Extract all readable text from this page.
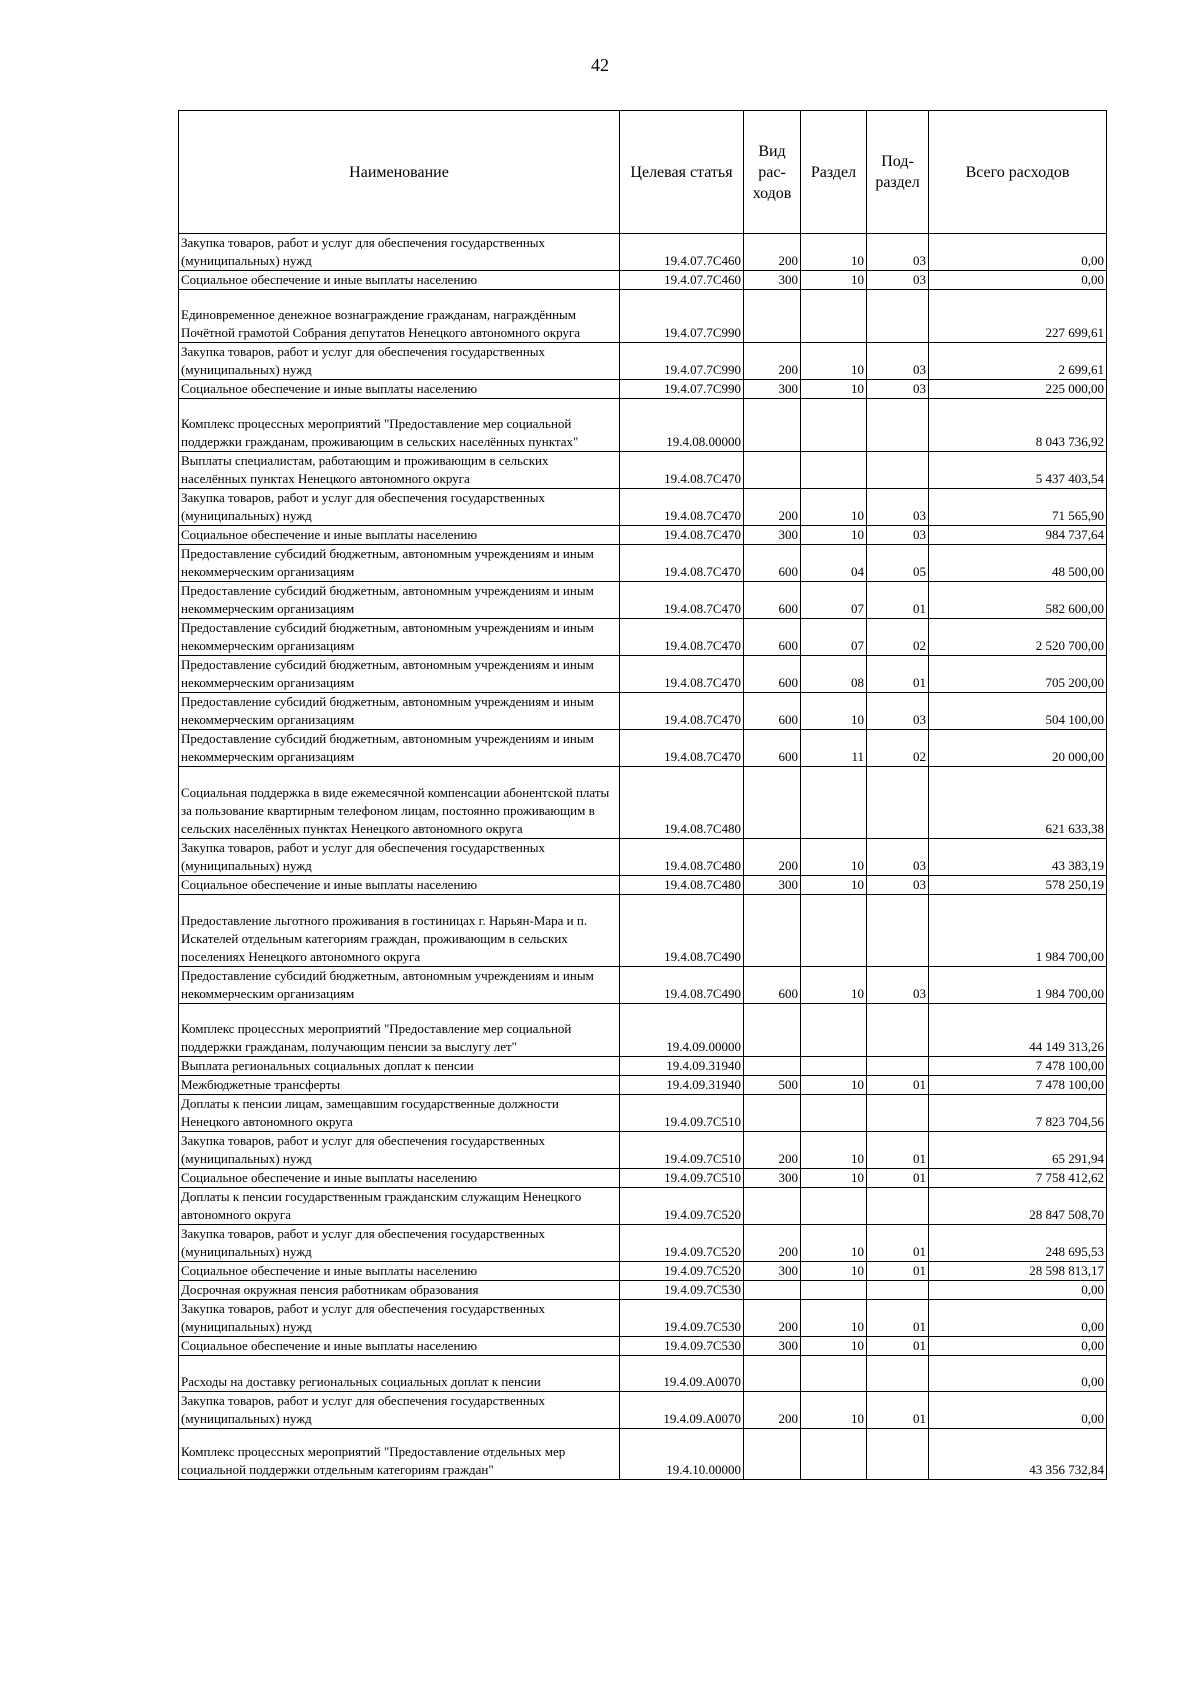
42
Наименование	Целевая статья	Вид рас- ходов	Раздел	Под- раздел	Всего расходов
Закупка товаров, работ и услуг для обеспечения государственных (муниципальных) нужд	19.4.07.7С460	200	10	03	0,00
Социальное обеспечение и иные выплаты населению	19.4.07.7С460	300	10	03	0,00
Единовременное денежное вознаграждение гражданам, награждённым Почётной грамотой Собрания депутатов Ненецкого автономного округа	19.4.07.7С990				227 699,61
Закупка товаров, работ и услуг для обеспечения государственных (муниципальных) нужд	19.4.07.7С990	200	10	03	2 699,61
Социальное обеспечение и иные выплаты населению	19.4.07.7С990	300	10	03	225 000,00
Комплекс процессных мероприятий "Предоставление мер социальной поддержки гражданам, проживающим в сельских населённых пунктах"	19.4.08.00000				8 043 736,92
Выплаты специалистам, работающим и проживающим в сельских населённых пунктах Ненецкого автономного округа	19.4.08.7С470				5 437 403,54
Закупка товаров, работ и услуг для обеспечения государственных (муниципальных) нужд	19.4.08.7С470	200	10	03	71 565,90
Социальное обеспечение и иные выплаты населению	19.4.08.7С470	300	10	03	984 737,64
Предоставление субсидий бюджетным, автономным учреждениям и иным некоммерческим организациям	19.4.08.7С470	600	04	05	48 500,00
Предоставление субсидий бюджетным, автономным учреждениям и иным некоммерческим организациям	19.4.08.7С470	600	07	01	582 600,00
Предоставление субсидий бюджетным, автономным учреждениям и иным некоммерческим организациям	19.4.08.7С470	600	07	02	2 520 700,00
Предоставление субсидий бюджетным, автономным учреждениям и иным некоммерческим организациям	19.4.08.7С470	600	08	01	705 200,00
Предоставление субсидий бюджетным, автономным учреждениям и иным некоммерческим организациям	19.4.08.7С470	600	10	03	504 100,00
Предоставление субсидий бюджетным, автономным учреждениям и иным некоммерческим организациям	19.4.08.7С470	600	11	02	20 000,00
Социальная поддержка в виде ежемесячной компенсации абонентской платы за пользование квартирным телефоном лицам, постоянно проживающим в сельских населённых пунктах Ненецкого автономного округа	19.4.08.7С480				621 633,38
Закупка товаров, работ и услуг для обеспечения государственных (муниципальных) нужд	19.4.08.7С480	200	10	03	43 383,19
Социальное обеспечение и иные выплаты населению	19.4.08.7С480	300	10	03	578 250,19
Предоставление льготного проживания в гостиницах г. Нарьян-Мара и п. Искателей отдельным категориям граждан, проживающим в сельских поселениях Ненецкого автономного округа	19.4.08.7С490				1 984 700,00
Предоставление субсидий бюджетным, автономным учреждениям и иным некоммерческим организациям	19.4.08.7С490	600	10	03	1 984 700,00
Комплекс процессных мероприятий "Предоставление мер социальной поддержки гражданам, получающим пенсии за выслугу лет"	19.4.09.00000				44 149 313,26
Выплата региональных социальных доплат к пенсии	19.4.09.31940				7 478 100,00
Межбюджетные трансферты	19.4.09.31940	500	10	01	7 478 100,00
Доплаты к пенсии лицам, замещавшим государственные должности Ненецкого автономного округа	19.4.09.7С510				7 823 704,56
Закупка товаров, работ и услуг для обеспечения государственных (муниципальных) нужд	19.4.09.7С510	200	10	01	65 291,94
Социальное обеспечение и иные выплаты населению	19.4.09.7С510	300	10	01	7 758 412,62
Доплаты к пенсии государственным гражданским служащим Ненецкого автономного округа	19.4.09.7С520				28 847 508,70
Закупка товаров, работ и услуг для обеспечения государственных (муниципальных) нужд	19.4.09.7С520	200	10	01	248 695,53
Социальное обеспечение и иные выплаты населению	19.4.09.7С520	300	10	01	28 598 813,17
Досрочная окружная пенсия работникам образования	19.4.09.7С530				0,00
Закупка товаров, работ и услуг для обеспечения государственных (муниципальных) нужд	19.4.09.7С530	200	10	01	0,00
Социальное обеспечение и иные выплаты населению	19.4.09.7С530	300	10	01	0,00
Расходы на доставку региональных социальных доплат к пенсии	19.4.09.А0070				0,00
Закупка товаров, работ и услуг для обеспечения государственных (муниципальных) нужд	19.4.09.А0070	200	10	01	0,00
Комплекс процессных мероприятий "Предоставление отдельных мер социальной поддержки отдельным категориям граждан"	19.4.10.00000				43 356 732,84
